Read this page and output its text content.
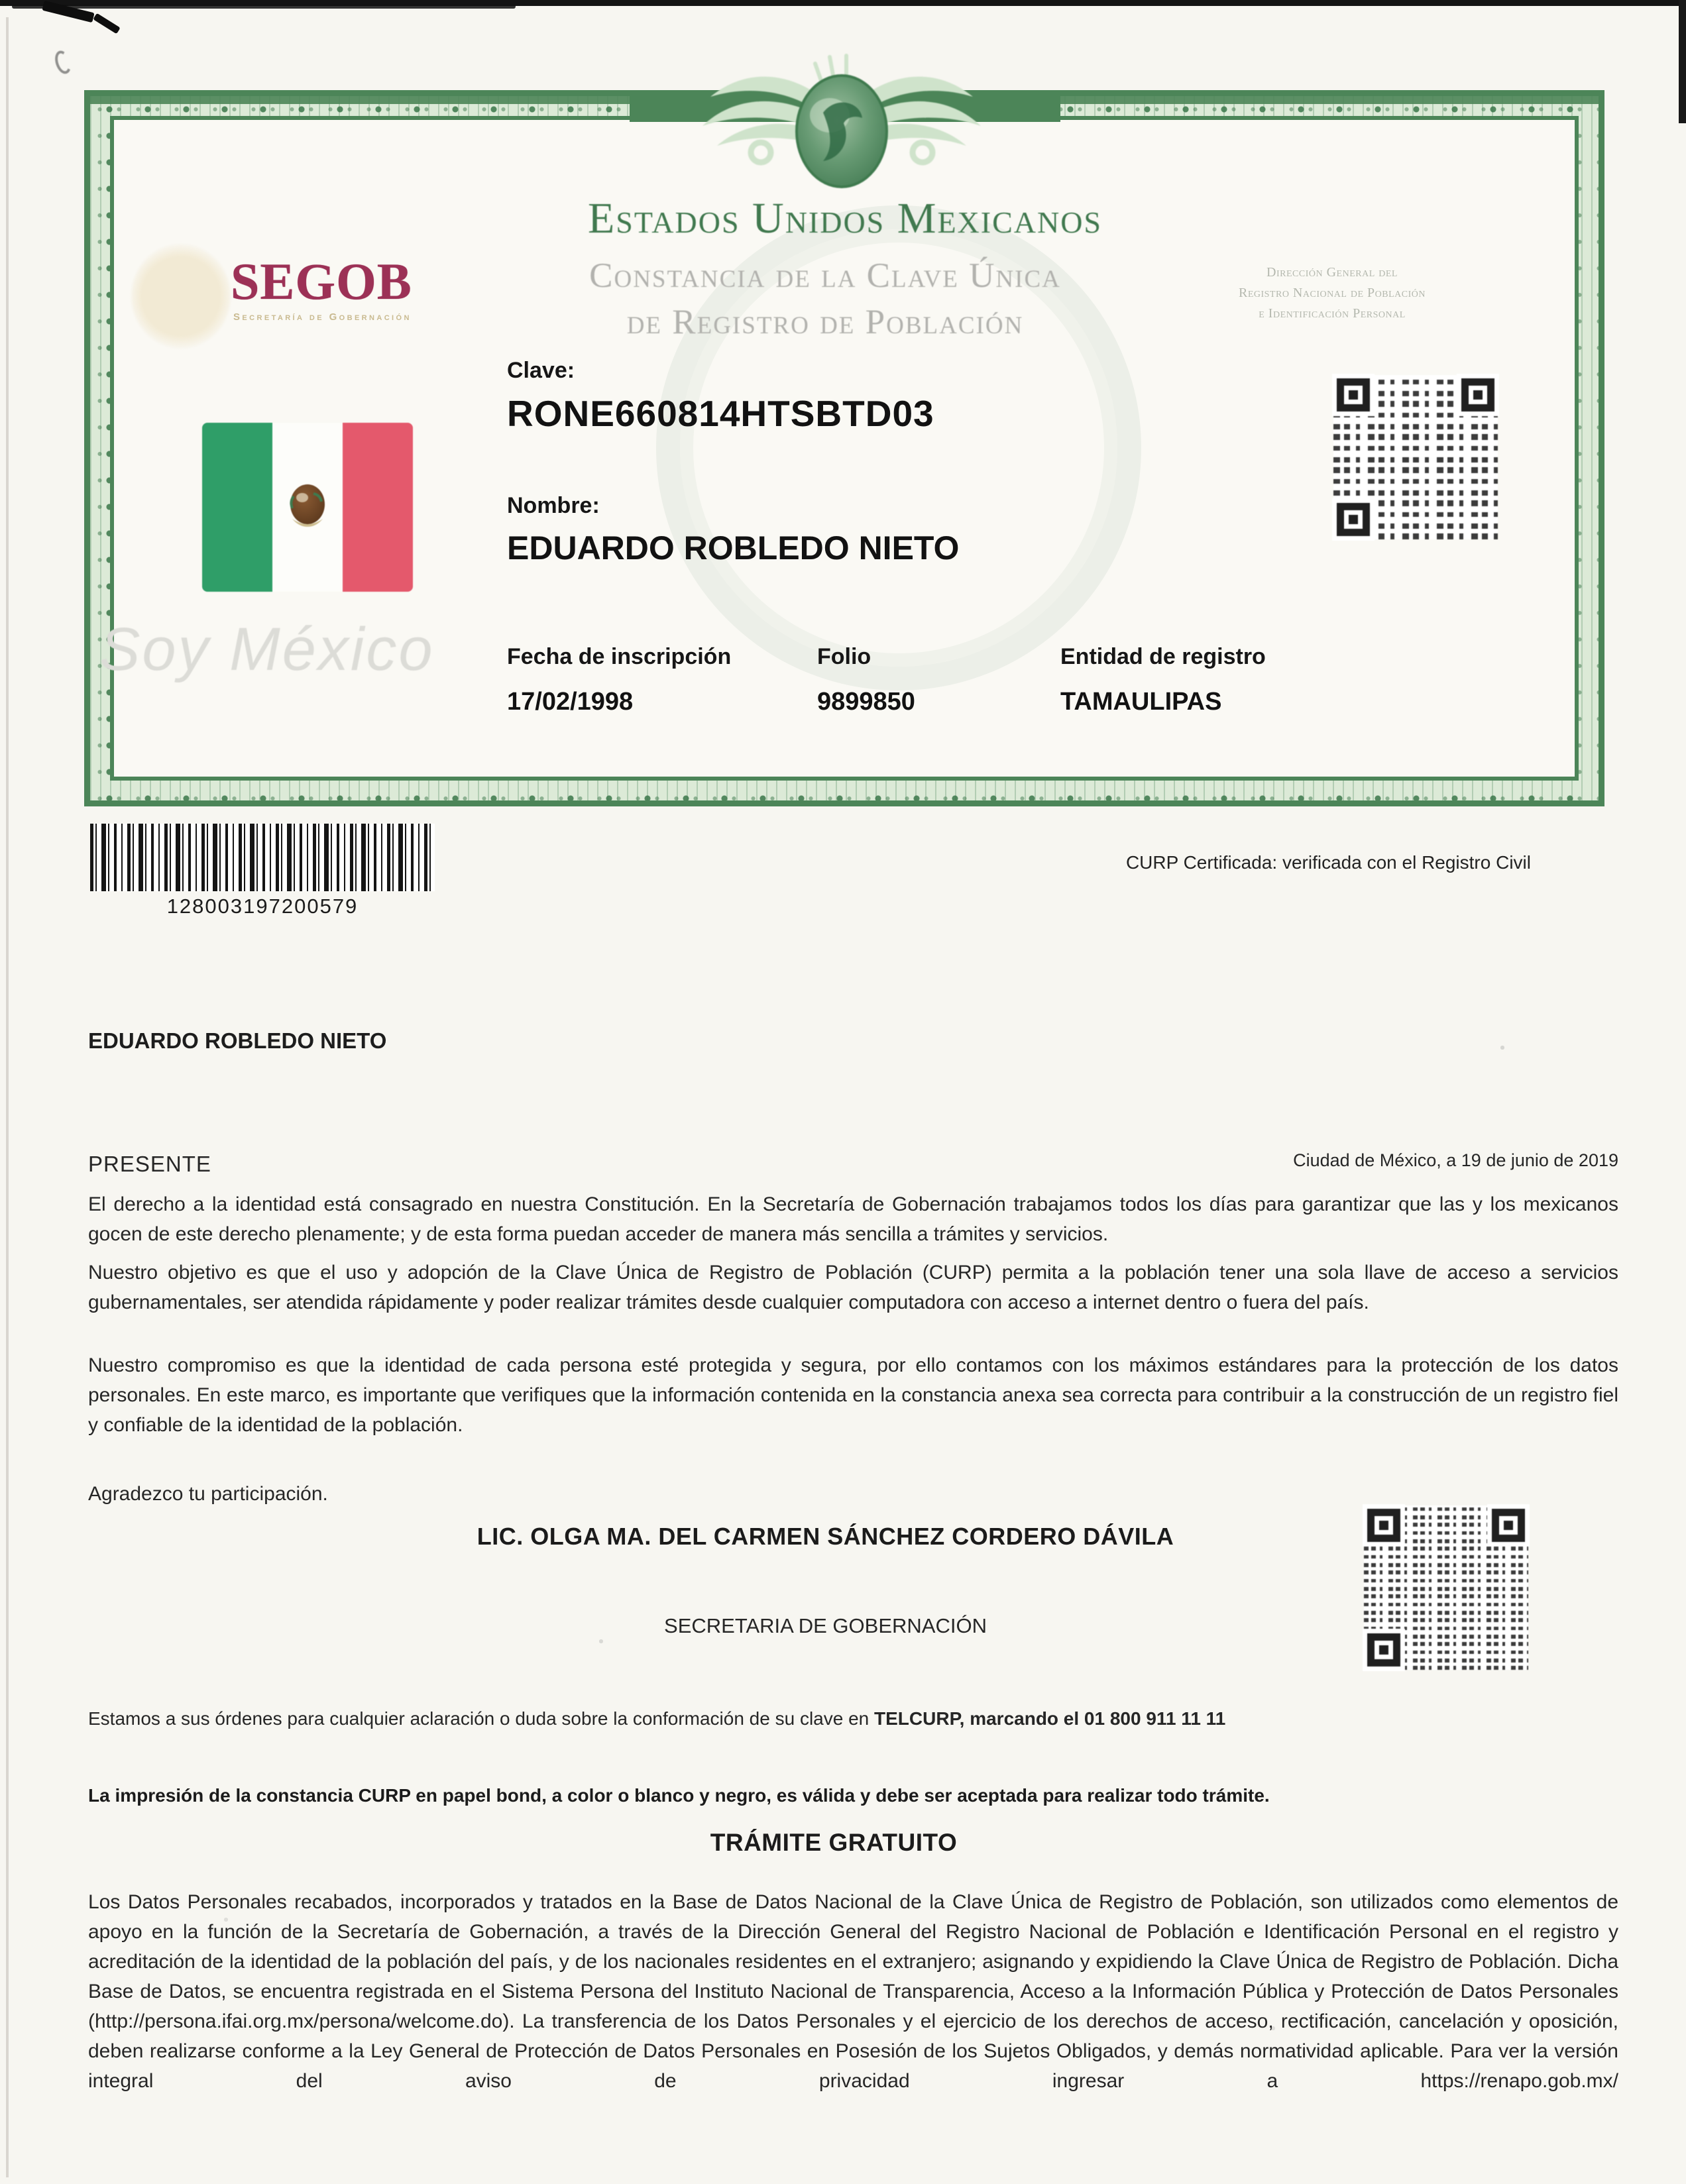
SEGOB
Secretaría de Gobernación
Estados Unidos Mexicanos
Constancia de la Clave Única
de Registro de Población
Dirección General del
Registro Nacional de Población
e Identificación Personal
Soy México
Clave:
RONE660814HTSBTD03
Nombre:
EDUARDO ROBLEDO NIETO
Fecha de inscripción
17/02/1998
Folio
9899850
Entidad de registro
TAMAULIPAS
128003197200579
CURP Certificada: verificada con el Registro Civil
EDUARDO ROBLEDO NIETO
PRESENTE	Ciudad de México, a 19 de junio de 2019
El derecho a la identidad está consagrado en nuestra Constitución. En la Secretaría de Gobernación trabajamos todos los días para garantizar que las y los mexicanos gocen de este derecho plenamente; y de esta forma puedan acceder de manera más sencilla a trámites y servicios.
Nuestro objetivo es que el uso y adopción de la Clave Única de Registro de Población (CURP) permita a la población tener una sola llave de acceso a servicios gubernamentales, ser atendida rápidamente y poder realizar trámites desde cualquier computadora con acceso a internet dentro o fuera del país.
Nuestro compromiso es que la identidad de cada persona esté protegida y segura, por ello contamos con los máximos estándares para la protección de los datos personales. En este marco, es importante que verifiques que la información contenida en la constancia anexa sea correcta para contribuir a la construcción de un registro fiel y confiable de la identidad de la población.
Agradezco tu participación.
LIC. OLGA MA. DEL CARMEN SÁNCHEZ CORDERO DÁVILA
SECRETARIA DE GOBERNACIÓN
Estamos a sus órdenes para cualquier aclaración o duda sobre la conformación de su clave en TELCURP, marcando el 01 800 911 11 11
La impresión de la constancia CURP en papel bond, a color o blanco y negro, es válida y debe ser aceptada para realizar todo trámite.
TRÁMITE GRATUITO
Los Datos Personales recabados, incorporados y tratados en la Base de Datos Nacional de la Clave Única de Registro de Población, son utilizados como elementos de apoyo en la función de la Secretaría de Gobernación, a través de la Dirección General del Registro Nacional de Población e Identificación Personal en el registro y acreditación de la identidad de la población del país, y de los nacionales residentes en el extranjero; asignando y expidiendo la Clave Única de Registro de Población. Dicha Base de Datos, se encuentra registrada en el Sistema Persona del Instituto Nacional de Transparencia, Acceso a la Información Pública y Protección de Datos Personales (http://persona.ifai.org.mx/persona/welcome.do). La transferencia de los Datos Personales y el ejercicio de los derechos de acceso, rectificación, cancelación y oposición, deben realizarse conforme a la Ley General de Protección de Datos Personales en Posesión de los Sujetos Obligados, y demás normatividad aplicable. Para ver la versión integral del aviso de privacidad ingresar a https://renapo.gob.mx/
